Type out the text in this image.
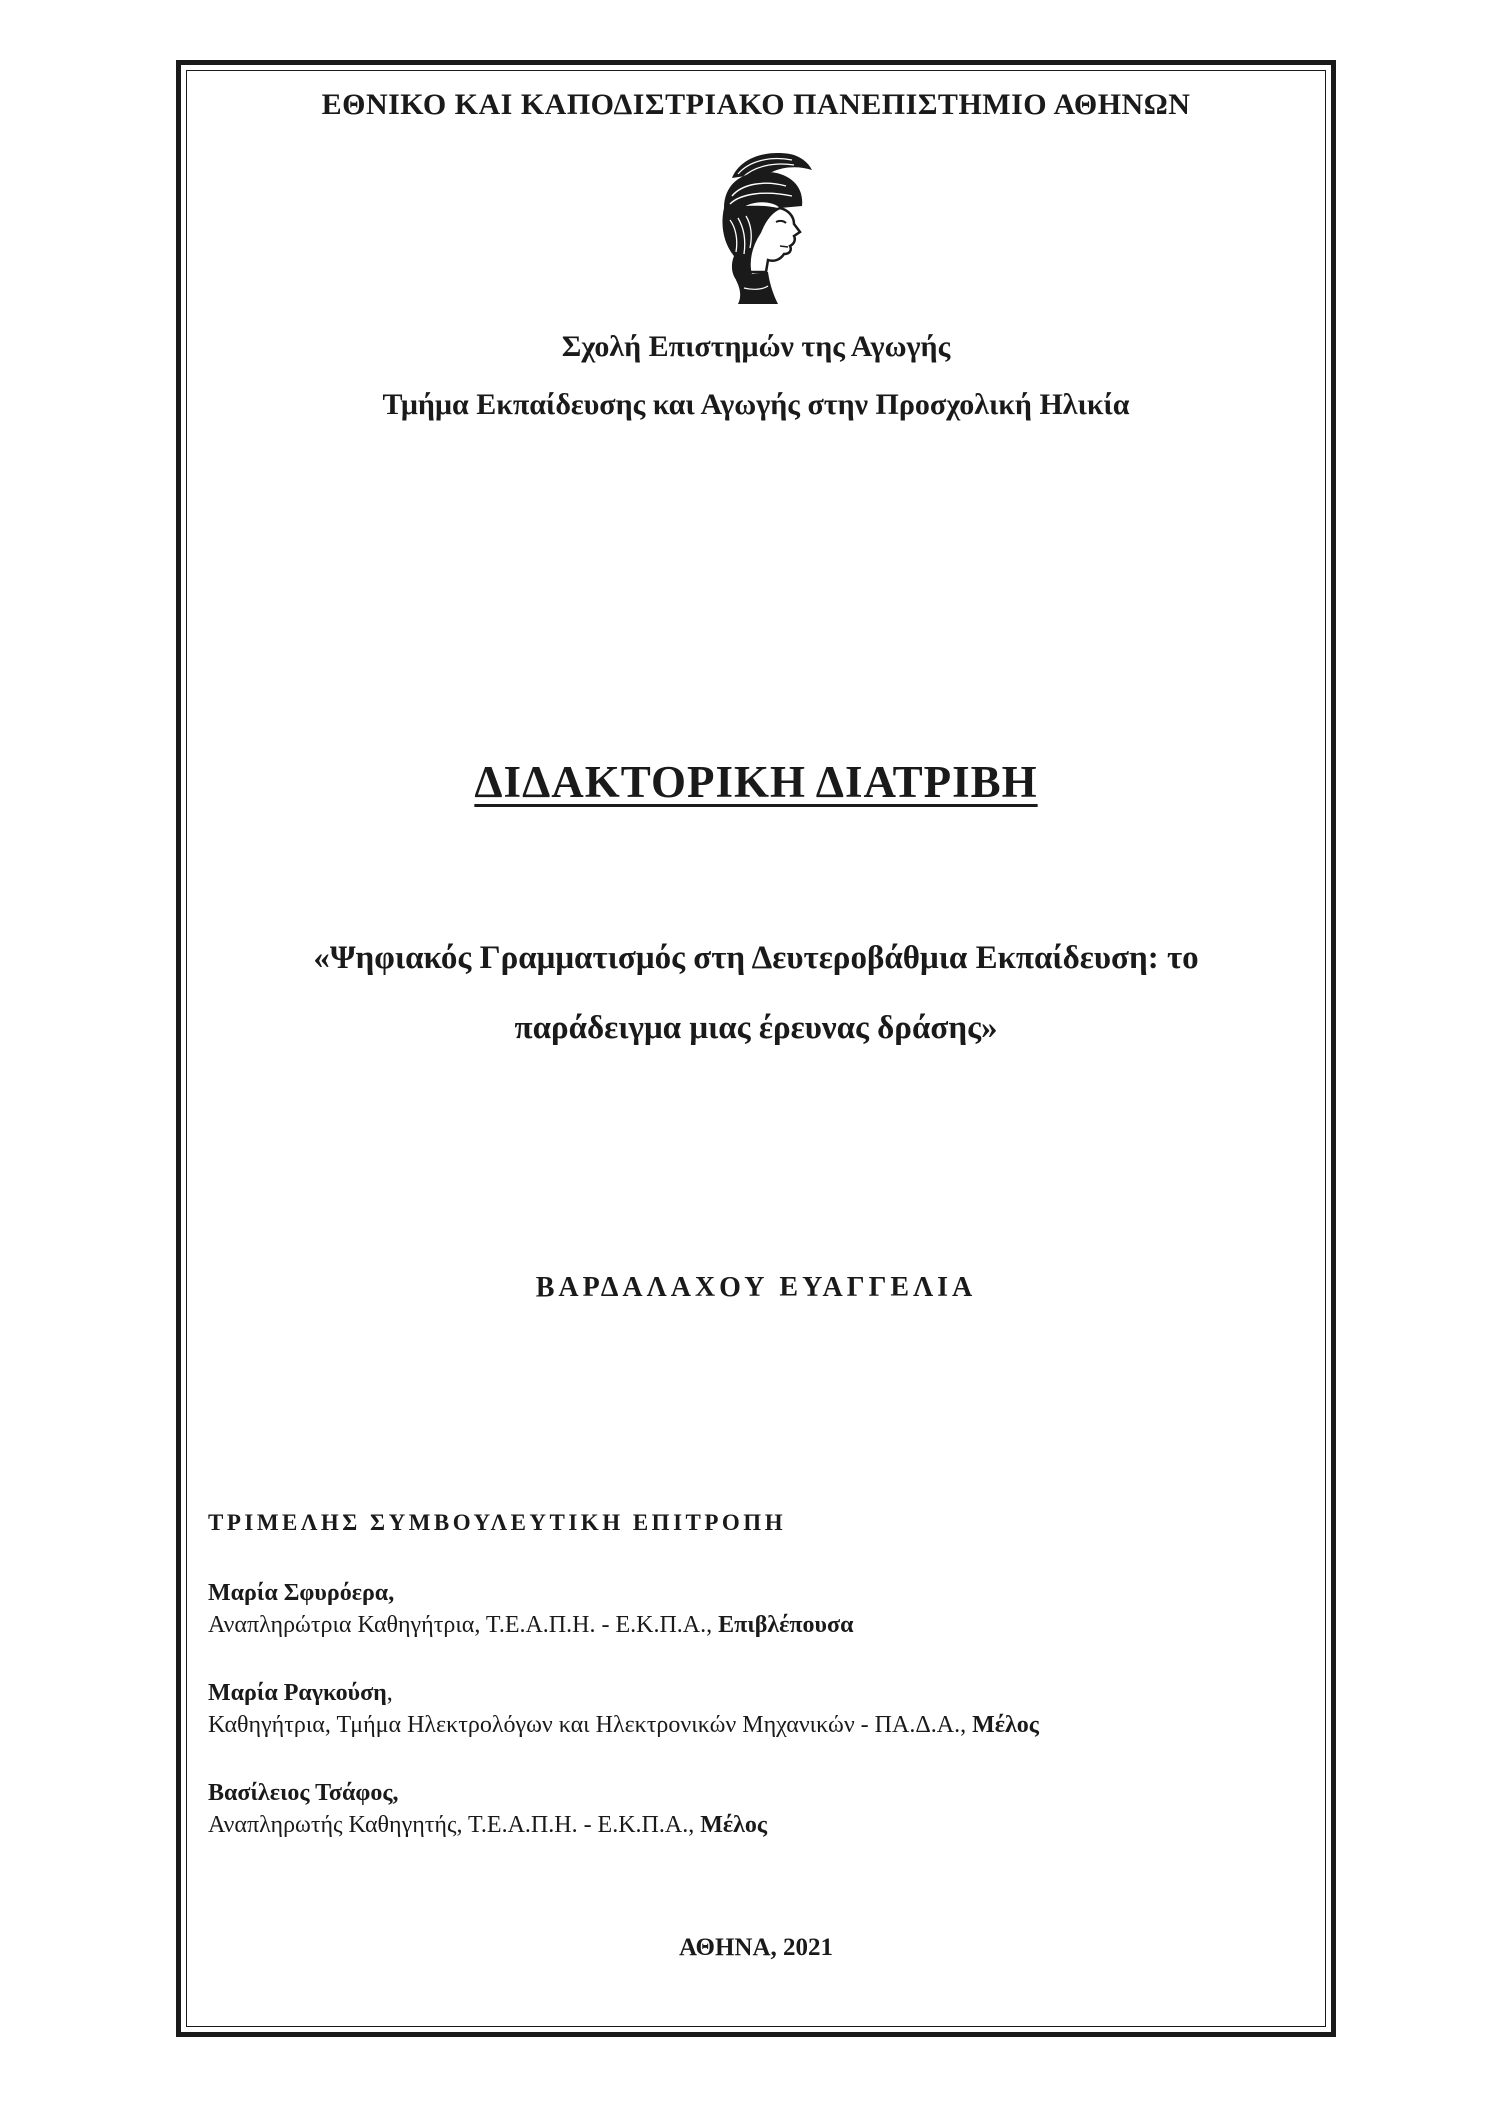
ΕΘΝΙΚΟ ΚΑΙ ΚΑΠΟΔΙΣΤΡΙΑΚΟ ΠΑΝΕΠΙΣΤΗΜΙΟ ΑΘΗΝΩΝ
Σχολή Επιστημών της Αγωγής
Τμήμα Εκπαίδευσης και Αγωγής στην Προσχολική Ηλικία
ΔΙΔΑΚΤΟΡΙΚΗ ΔΙΑΤΡΙΒΗ
«Ψηφιακός Γραμματισμός στη Δευτεροβάθμια Εκπαίδευση: το
παράδειγμα μιας έρευνας δράσης»
ΒΑΡΔΑΛΑΧΟΥ ΕΥΑΓΓΕΛΙΑ
ΤΡΙΜΕΛΗΣ ΣΥΜΒΟΥΛΕΥΤΙΚΗ ΕΠΙΤΡΟΠΗ
Μαρία Σφυρόερα,
Αναπληρώτρια Καθηγήτρια, Τ.Ε.Α.Π.Η. - Ε.Κ.Π.Α., Επιβλέπουσα
Μαρία Ραγκούση,
Καθηγήτρια, Τμήμα Ηλεκτρολόγων και Ηλεκτρονικών Μηχανικών - ΠΑ.Δ.Α., Μέλος
Βασίλειος Τσάφος,
Αναπληρωτής Καθηγητής, Τ.Ε.Α.Π.Η. - Ε.Κ.Π.Α., Μέλος
ΑΘΗΝΑ, 2021
